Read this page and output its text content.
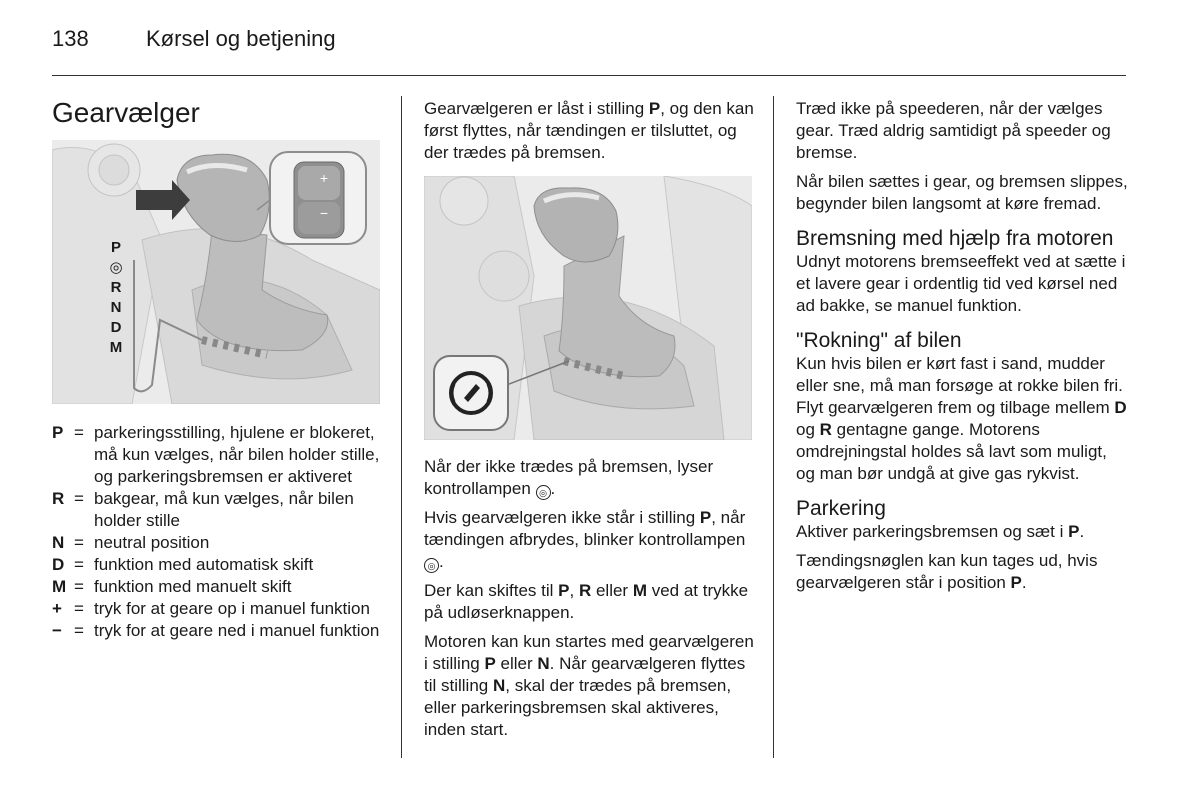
138	Kørsel og betjening
Gearvælger
P
◎
R
N
D
M
+
−
P = parkeringsstilling, hjulene er blokeret, må kun vælges, når bilen holder stille, og parkeringsbremsen er aktiveret
R = bakgear, må kun vælges, når bilen holder stille
N = neutral position
D = funktion med automatisk skift
M = funktion med manuelt skift
+ = tryk for at geare op i manuel funktion
− = tryk for at geare ned i manuel funktion

Gearvælgeren er låst i stilling P, og den kan først flyttes, når tændingen er tilsluttet, og der trædes på bremsen.

Når der ikke trædes på bremsen, lyser kontrollampen ◎ .

Hvis gearvælgeren ikke står i stilling P, når tændingen afbrydes, blinker kontrollampen ◎ .

Der kan skiftes til P, R eller M ved at trykke på udløserknappen.

Motoren kan kun startes med gearvælgeren i stilling P eller N. Når gearvælgeren flyttes til stilling N, skal der trædes på bremsen, eller parkeringsbremsen skal aktiveres, inden start.

Træd ikke på speederen, når der vælges gear. Træd aldrig samtidigt på speeder og bremse.

Når bilen sættes i gear, og bremsen slippes, begynder bilen langsomt at køre fremad.

Bremsning med hjælp fra motoren

Udnyt motorens bremseeffekt ved at sætte i et lavere gear i ordentlig tid ved kørsel ned ad bakke, se manuel funktion.

"Rokning" af bilen

Kun hvis bilen er kørt fast i sand, mudder eller sne, må man forsøge at rokke bilen fri. Flyt gearvælgeren frem og tilbage mellem D og R gentagne gange. Motorens omdrejningstal holdes så lavt som muligt, og man bør undgå at give gas rykvist.

Parkering

Aktiver parkeringsbremsen og sæt i P.

Tændingsnøglen kan kun tages ud, hvis gearvælgeren står i position P.
